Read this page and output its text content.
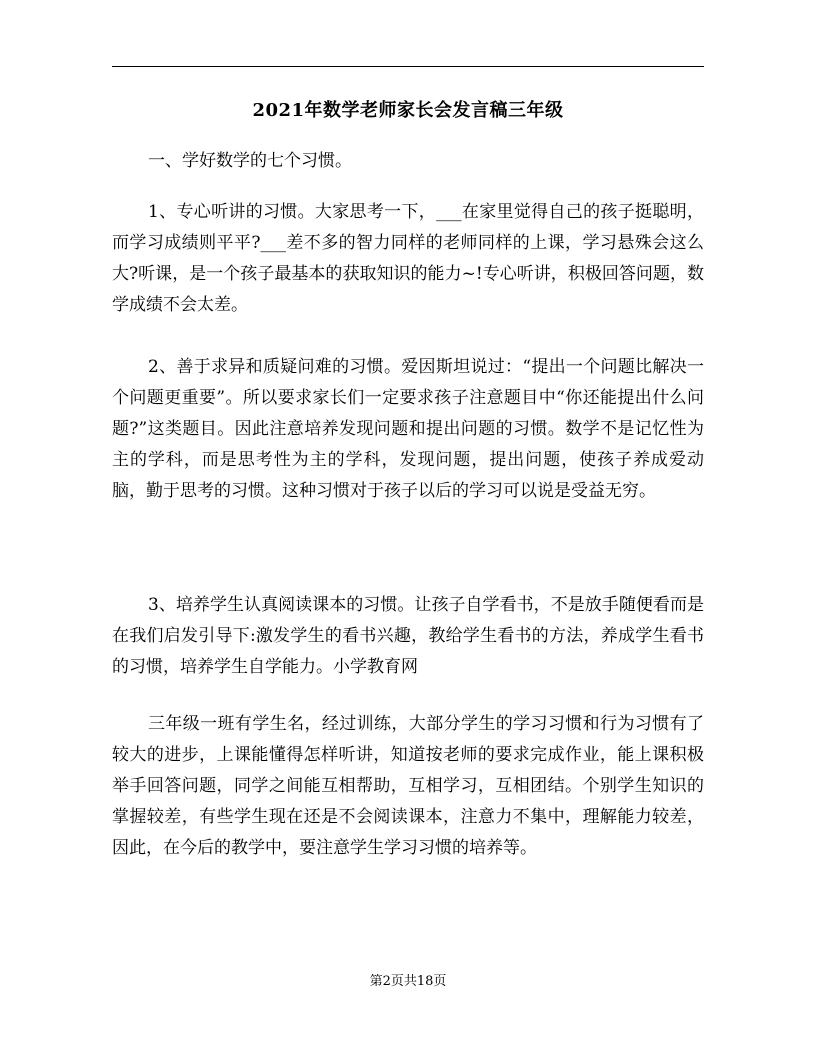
2021年数学老师家长会发言稿三年级

一、学好数学的七个习惯。

1、专心听讲的习惯。大家思考一下，___在家里觉得自己的孩子挺聪明，而学习成绩则平平?___差不多的智力同样的老师同样的上课，学习悬殊会这么大?听课，是一个孩子最基本的获取知识的能力~!专心听讲，积极回答问题，数学成绩不会太差。

2、善于求异和质疑问难的习惯。爱因斯坦说过：“提出一个问题比解决一个问题更重要”。所以要求家长们一定要求孩子注意题目中“你还能提出什么问题?”这类题目。因此注意培养发现问题和提出问题的习惯。数学不是记忆性为主的学科，而是思考性为主的学科，发现问题，提出问题，使孩子养成爱动脑，勤于思考的习惯。这种习惯对于孩子以后的学习可以说是受益无穷。

3、培养学生认真阅读课本的习惯。让孩子自学看书，不是放手随便看而是在我们启发引导下:激发学生的看书兴趣，教给学生看书的方法，养成学生看书的习惯，培养学生自学能力。小学教育网

三年级一班有学生名，经过训练，大部分学生的学习习惯和行为习惯有了较大的进步，上课能懂得怎样听讲，知道按老师的要求完成作业，能上课积极举手回答问题，同学之间能互相帮助，互相学习，互相团结。个别学生知识的掌握较差，有些学生现在还是不会阅读课本，注意力不集中，理解能力较差，因此，在今后的教学中，要注意学生学习习惯的培养等。

第2页共18页
